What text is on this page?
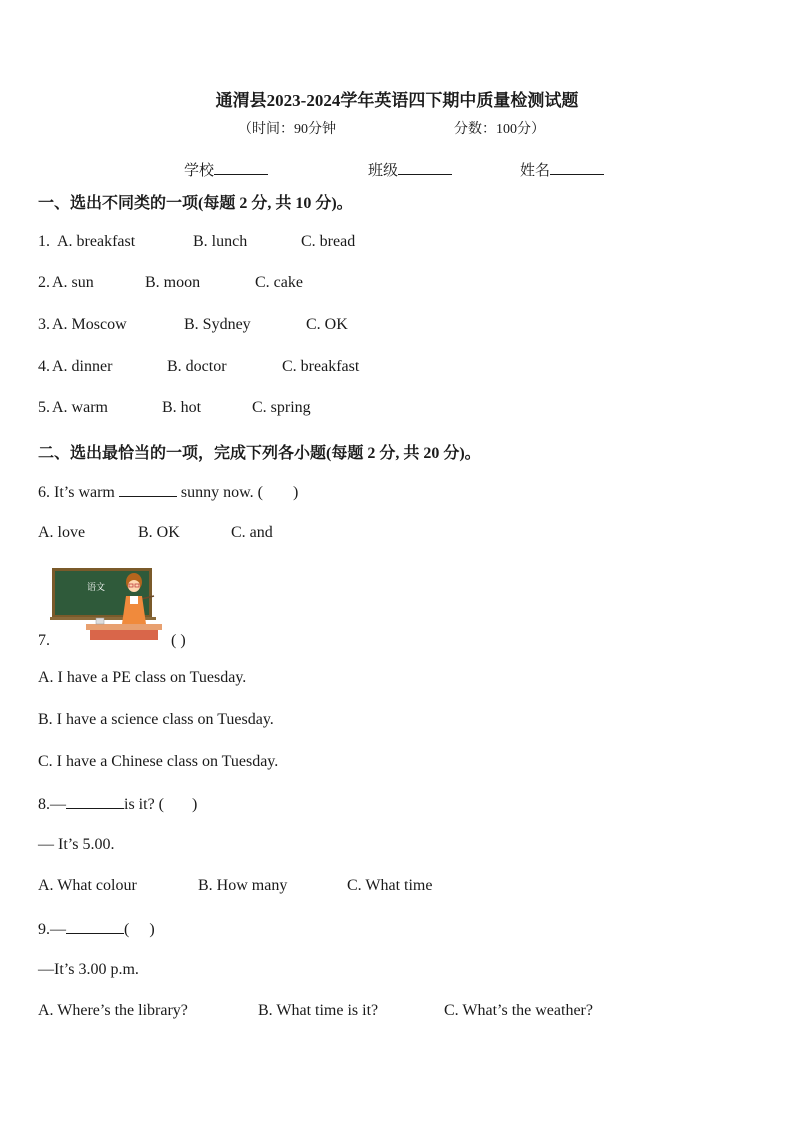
通渭县2023-2024学年英语四下期中质量检测试题
（时间：90分钟	分数：100分）
学校	班级	姓名
一、选出不同类的一项(每题 2 分, 共 10 分)。
1. A. breakfast	B. lunch	C. bread
2. A. sun	B. moon	C. cake
3. A. Moscow	B. Sydney	C. OK
4. A. dinner	B. doctor	C. breakfast
5. A. warm	B. hot	C. spring
二、选出最恰当的一项，完成下列各小题(每题 2 分, 共 20 分)。
6. It’s warm	sunny now. ( )
A. love	B. OK	C. and
语文
7.	( )
A. I have a PE class on Tuesday.
B. I have a science class on Tuesday.
C. I have a Chinese class on Tuesday.
8.—	is it? ( )
— It’s 5.00.
A. What colour	B. How many	C. What time
9.—	( )
—It’s 3.00 p.m.
A. Where’s the library?	B. What time is it?	C. What’s the weather?
